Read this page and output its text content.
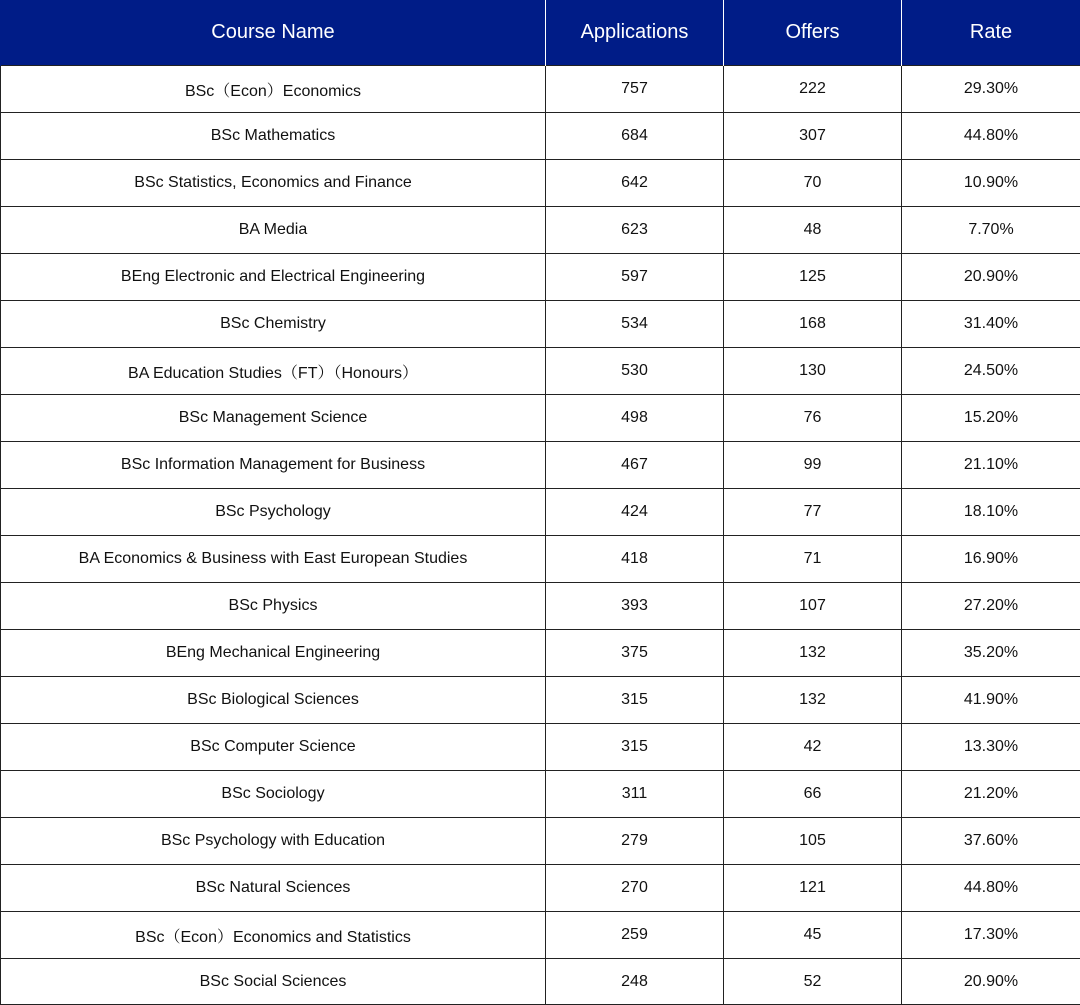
Course Name	Applications	Offers	Rate
BSc（Econ）Economics	757	222	29.30%
BSc Mathematics	684	307	44.80%
BSc Statistics, Economics and Finance	642	70	10.90%
BA Media	623	48	7.70%
BEng Electronic and Electrical Engineering	597	125	20.90%
BSc Chemistry	534	168	31.40%
BA Education Studies（FT）（Honours）	530	130	24.50%
BSc Management Science	498	76	15.20%
BSc Information Management for Business	467	99	21.10%
BSc Psychology	424	77	18.10%
BA Economics & Business with East European Studies	418	71	16.90%
BSc Physics	393	107	27.20%
BEng Mechanical Engineering	375	132	35.20%
BSc Biological Sciences	315	132	41.90%
BSc Computer Science	315	42	13.30%
BSc Sociology	311	66	21.20%
BSc Psychology with Education	279	105	37.60%
BSc Natural Sciences	270	121	44.80%
BSc（Econ）Economics and Statistics	259	45	17.30%
BSc Social Sciences	248	52	20.90%
